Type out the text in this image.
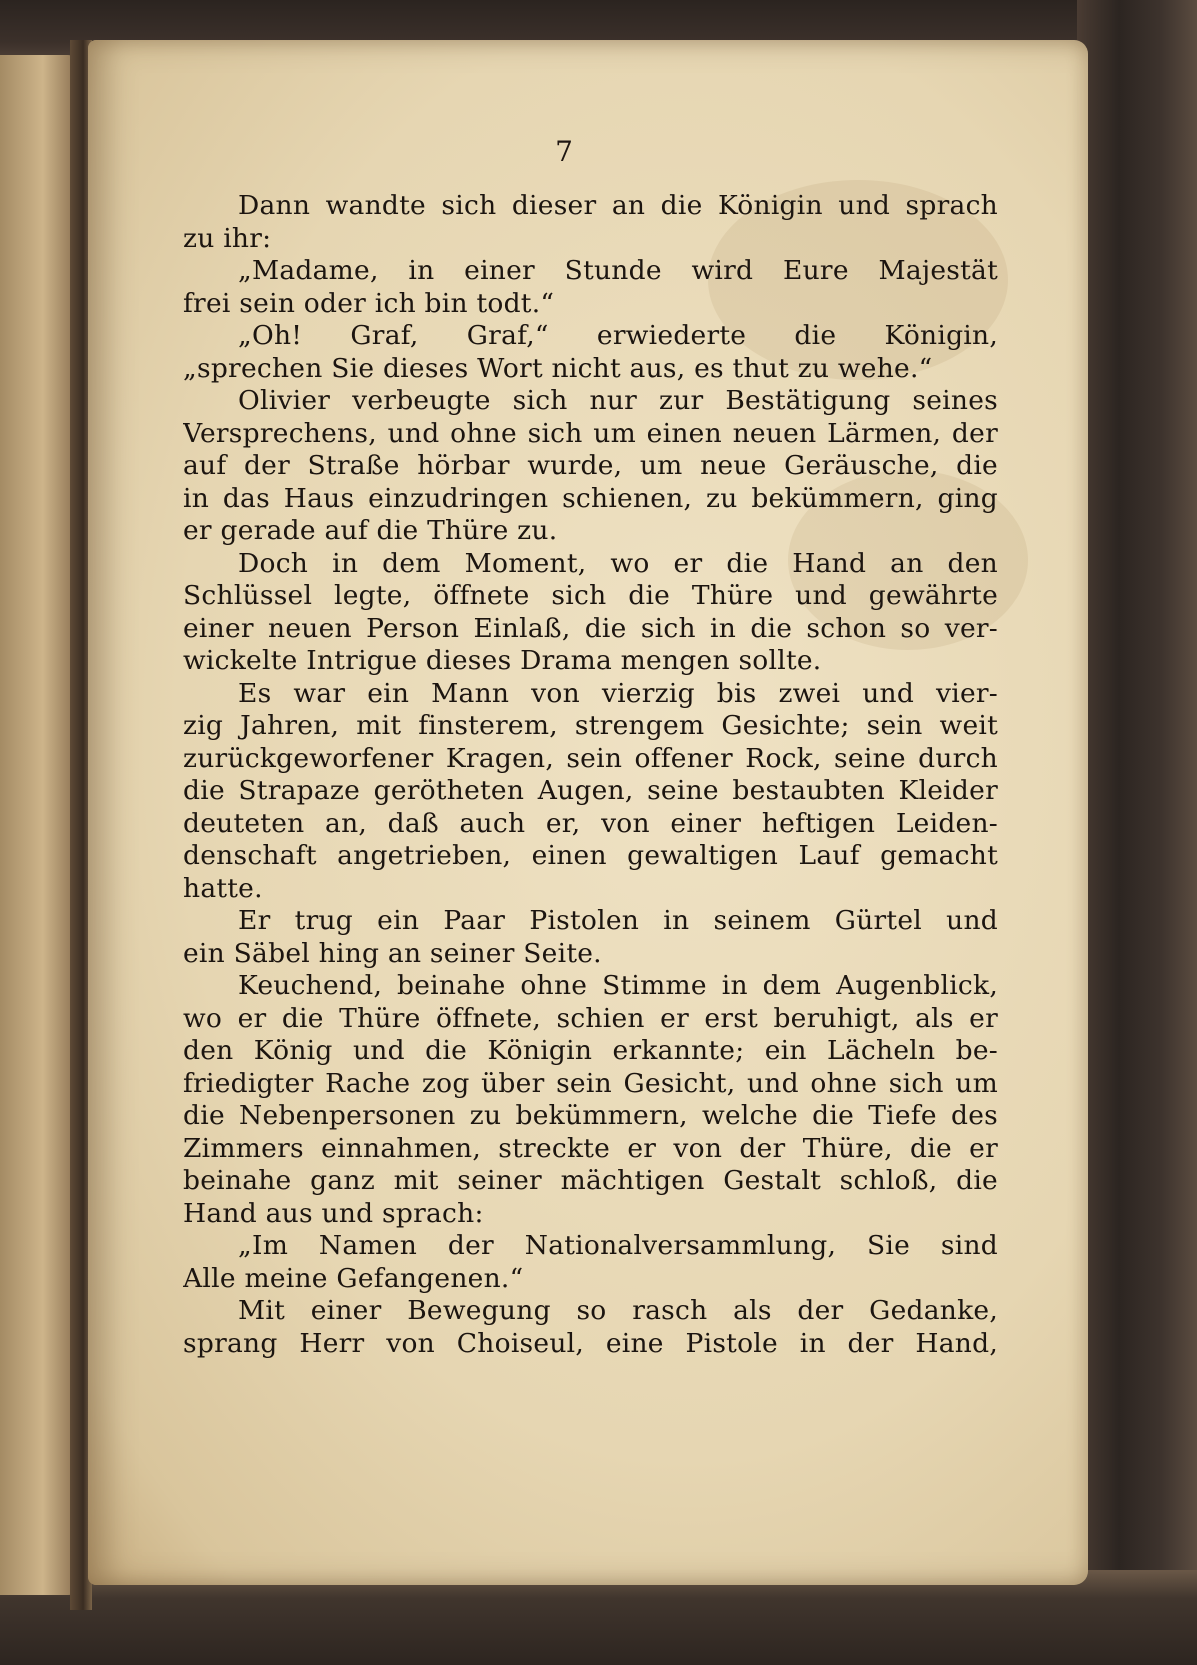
7

Dann wandte sich dieser an die Königin und sprach
zu ihr:
„Madame, in einer Stunde wird Eure Majestät
frei sein oder ich bin todt.“
„Oh! Graf, Graf,“ erwiederte die Königin,
„sprechen Sie dieses Wort nicht aus, es thut zu wehe.“
Olivier verbeugte sich nur zur Bestätigung seines
Versprechens, und ohne sich um einen neuen Lärmen, der
auf der Straße hörbar wurde, um neue Geräusche, die
in das Haus einzudringen schienen, zu bekümmern, ging
er gerade auf die Thüre zu.
Doch in dem Moment, wo er die Hand an den
Schlüssel legte, öffnete sich die Thüre und gewährte
einer neuen Person Einlaß, die sich in die schon so ver-
wickelte Intrigue dieses Drama mengen sollte.
Es war ein Mann von vierzig bis zwei und vier-
zig Jahren, mit finsterem, strengem Gesichte; sein weit
zurückgeworfener Kragen, sein offener Rock, seine durch
die Strapaze gerötheten Augen, seine bestaubten Kleider
deuteten an, daß auch er, von einer heftigen Leiden-
denschaft angetrieben, einen gewaltigen Lauf gemacht
hatte.
Er trug ein Paar Pistolen in seinem Gürtel und
ein Säbel hing an seiner Seite.
Keuchend, beinahe ohne Stimme in dem Augenblick,
wo er die Thüre öffnete, schien er erst beruhigt, als er
den König und die Königin erkannte; ein Lächeln be-
friedigter Rache zog über sein Gesicht, und ohne sich um
die Nebenpersonen zu bekümmern, welche die Tiefe des
Zimmers einnahmen, streckte er von der Thüre, die er
beinahe ganz mit seiner mächtigen Gestalt schloß, die
Hand aus und sprach:
„Im Namen der Nationalversammlung, Sie sind
Alle meine Gefangenen.“
Mit einer Bewegung so rasch als der Gedanke,
sprang Herr von Choiseul, eine Pistole in der Hand,
